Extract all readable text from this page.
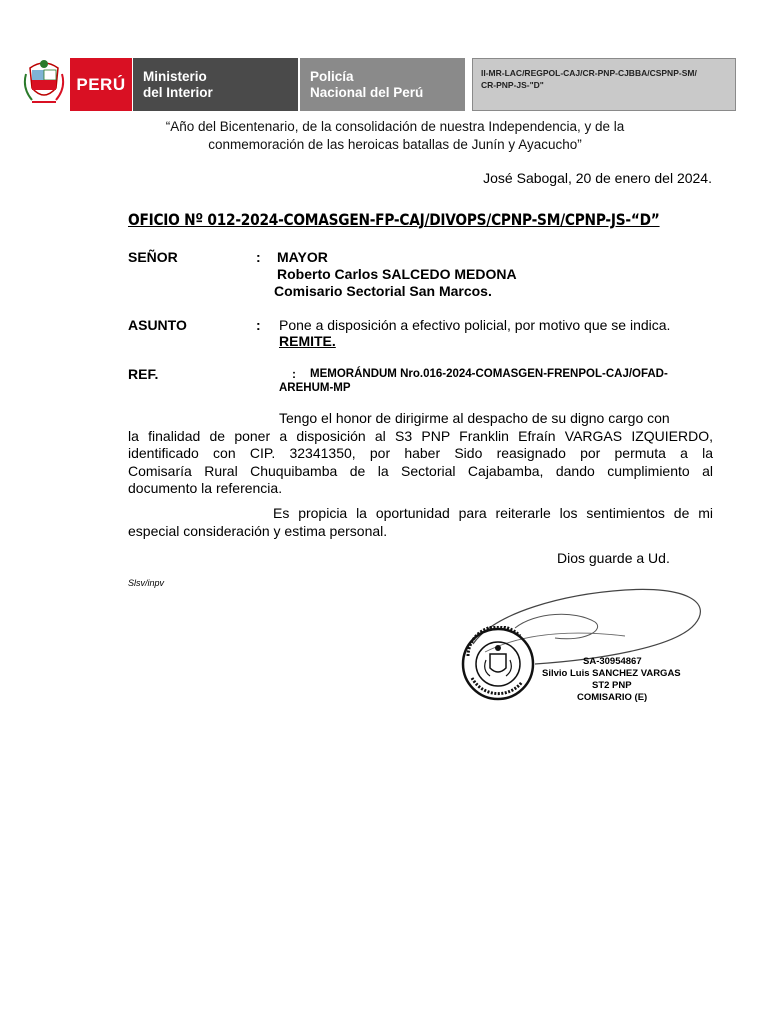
PERÚ Ministerio
del Interior
Policía
Nacional del Perú
II-MR-LAC/REGPOL-CAJ/CR-PNP-CJBBA/CSPNP-SM/
CR-PNP-JS-"D"
“Año del Bicentenario, de la consolidación de nuestra Independencia, y de la
conmemoración de las heroicas batallas de Junín y Ayacucho”
José Sabogal, 20 de enero del 2024.
OFICIO Nº 012-2024-COMASGEN-FP-CAJ/DIVOPS/CPNP-SM/CPNP-JS-“D”
SEÑOR	: MAYOR
Roberto Carlos SALCEDO MEDONA
Comisario Sectorial San Marcos.
ASUNTO	: Pone a disposición a efectivo policial, por motivo que se indica.
REMITE.
REF.	: MEMORÁNDUM Nro.016-2024-COMASGEN-FRENPOL-CAJ/OFAD-
AREHUM-MP
Tengo el honor de dirigirme al despacho de su digno cargo con
la finalidad de poner a disposición al S3 PNP Franklin Efraín VARGAS IZQUIERDO,
identificado con CIP. 32341350, por haber Sido reasignado por permuta a la
Comisaría Rural Chuquibamba de la Sectorial Cajabamba, dando cumplimiento al
documento la referencia.
Es propicia la oportunidad para reiterarle los sentimientos de mi
especial consideración y estima personal.
Dios guarde a Ud.
Slsv/inpv
SA-30954867
Silvio Luis SANCHEZ VARGAS
ST2 PNP
COMISARIO (E)
